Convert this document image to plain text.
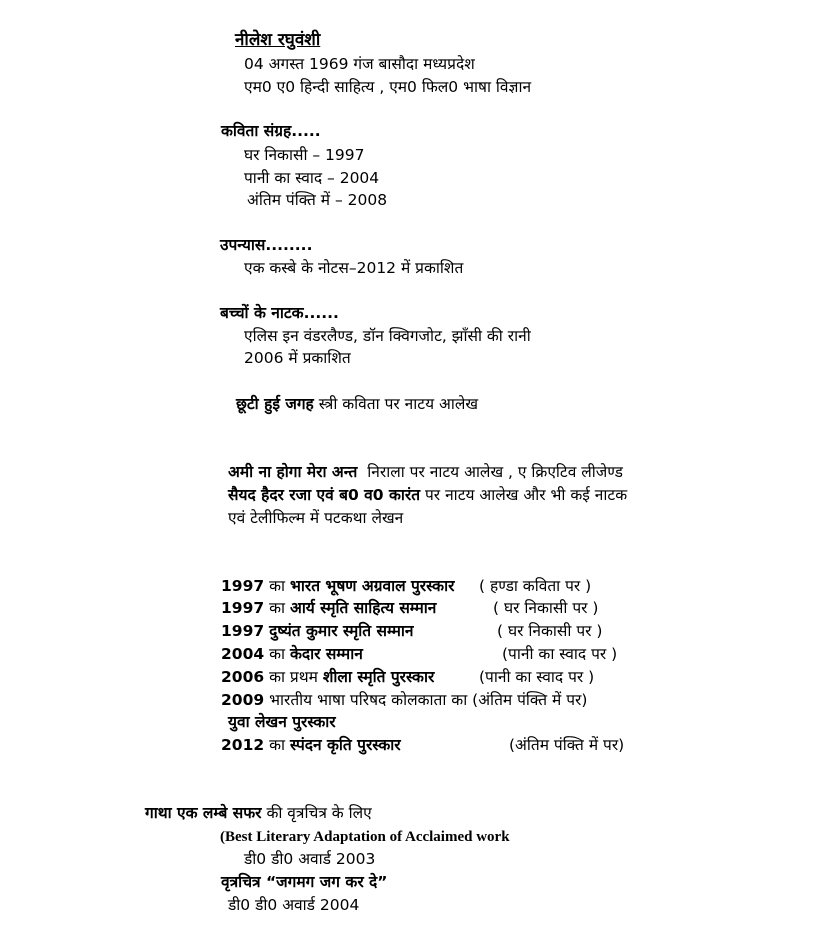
नीलेश रघुवंशी
04 अगस्त 1969 गंज बासौदा मध्यप्रदेश
एम0 ए0 हिन्दी साहित्य , एम0 फिल0 भाषा विज्ञान
कविता संग्रह.....
घर निकासी – 1997
पानी का स्वाद – 2004
अंतिम पंक्ति में – 2008
उपन्यास........
एक कस्बे के नोटस–2012 में प्रकाशित
बच्चों के नाटक......
एलिस इन वंडरलैण्ड, डॉन क्विगजोट, झाँसी की रानी
2006 में प्रकाशित
छूटी हुई जगह स्त्री कविता पर नाटय आलेख
अमी ना होगा मेरा अन्त निराला पर नाटय आलेख , ए क्रिएटिव लीजेण्ड
सैयद हैदर रजा एवं ब0 व0 कारंत पर नाटय आलेख और भी कई नाटक
एवं टेलीफिल्म में पटकथा लेखन
1997 का भारत भूषण अग्रवाल पुरस्कार ( हण्डा कविता पर )
1997 का आर्य स्मृति साहित्य सम्मान	( घर निकासी पर )
1997 दुष्यंत कुमार स्मृति सम्मान	( घर निकासी पर )
2004 का केदार सम्मान	(पानी का स्वाद पर )
2006 का प्रथम शीला स्मृति पुरस्कार	(पानी का स्वाद पर )
2009 भारतीय भाषा परिषद कोलकाता का (अंतिम पंक्ति में पर)
युवा लेखन पुरस्कार
2012 का स्पंदन कृति पुरस्कार	(अंतिम पंक्ति में पर)
गाथा एक लम्बे सफर की वृत्रचित्र के लिए
(Best Literary Adaptation of Acclaimed work
डी0 डी0 अवार्ड 2003
वृत्रचित्र “जगमग जग कर दे”
डी0 डी0 अवार्ड 2004
